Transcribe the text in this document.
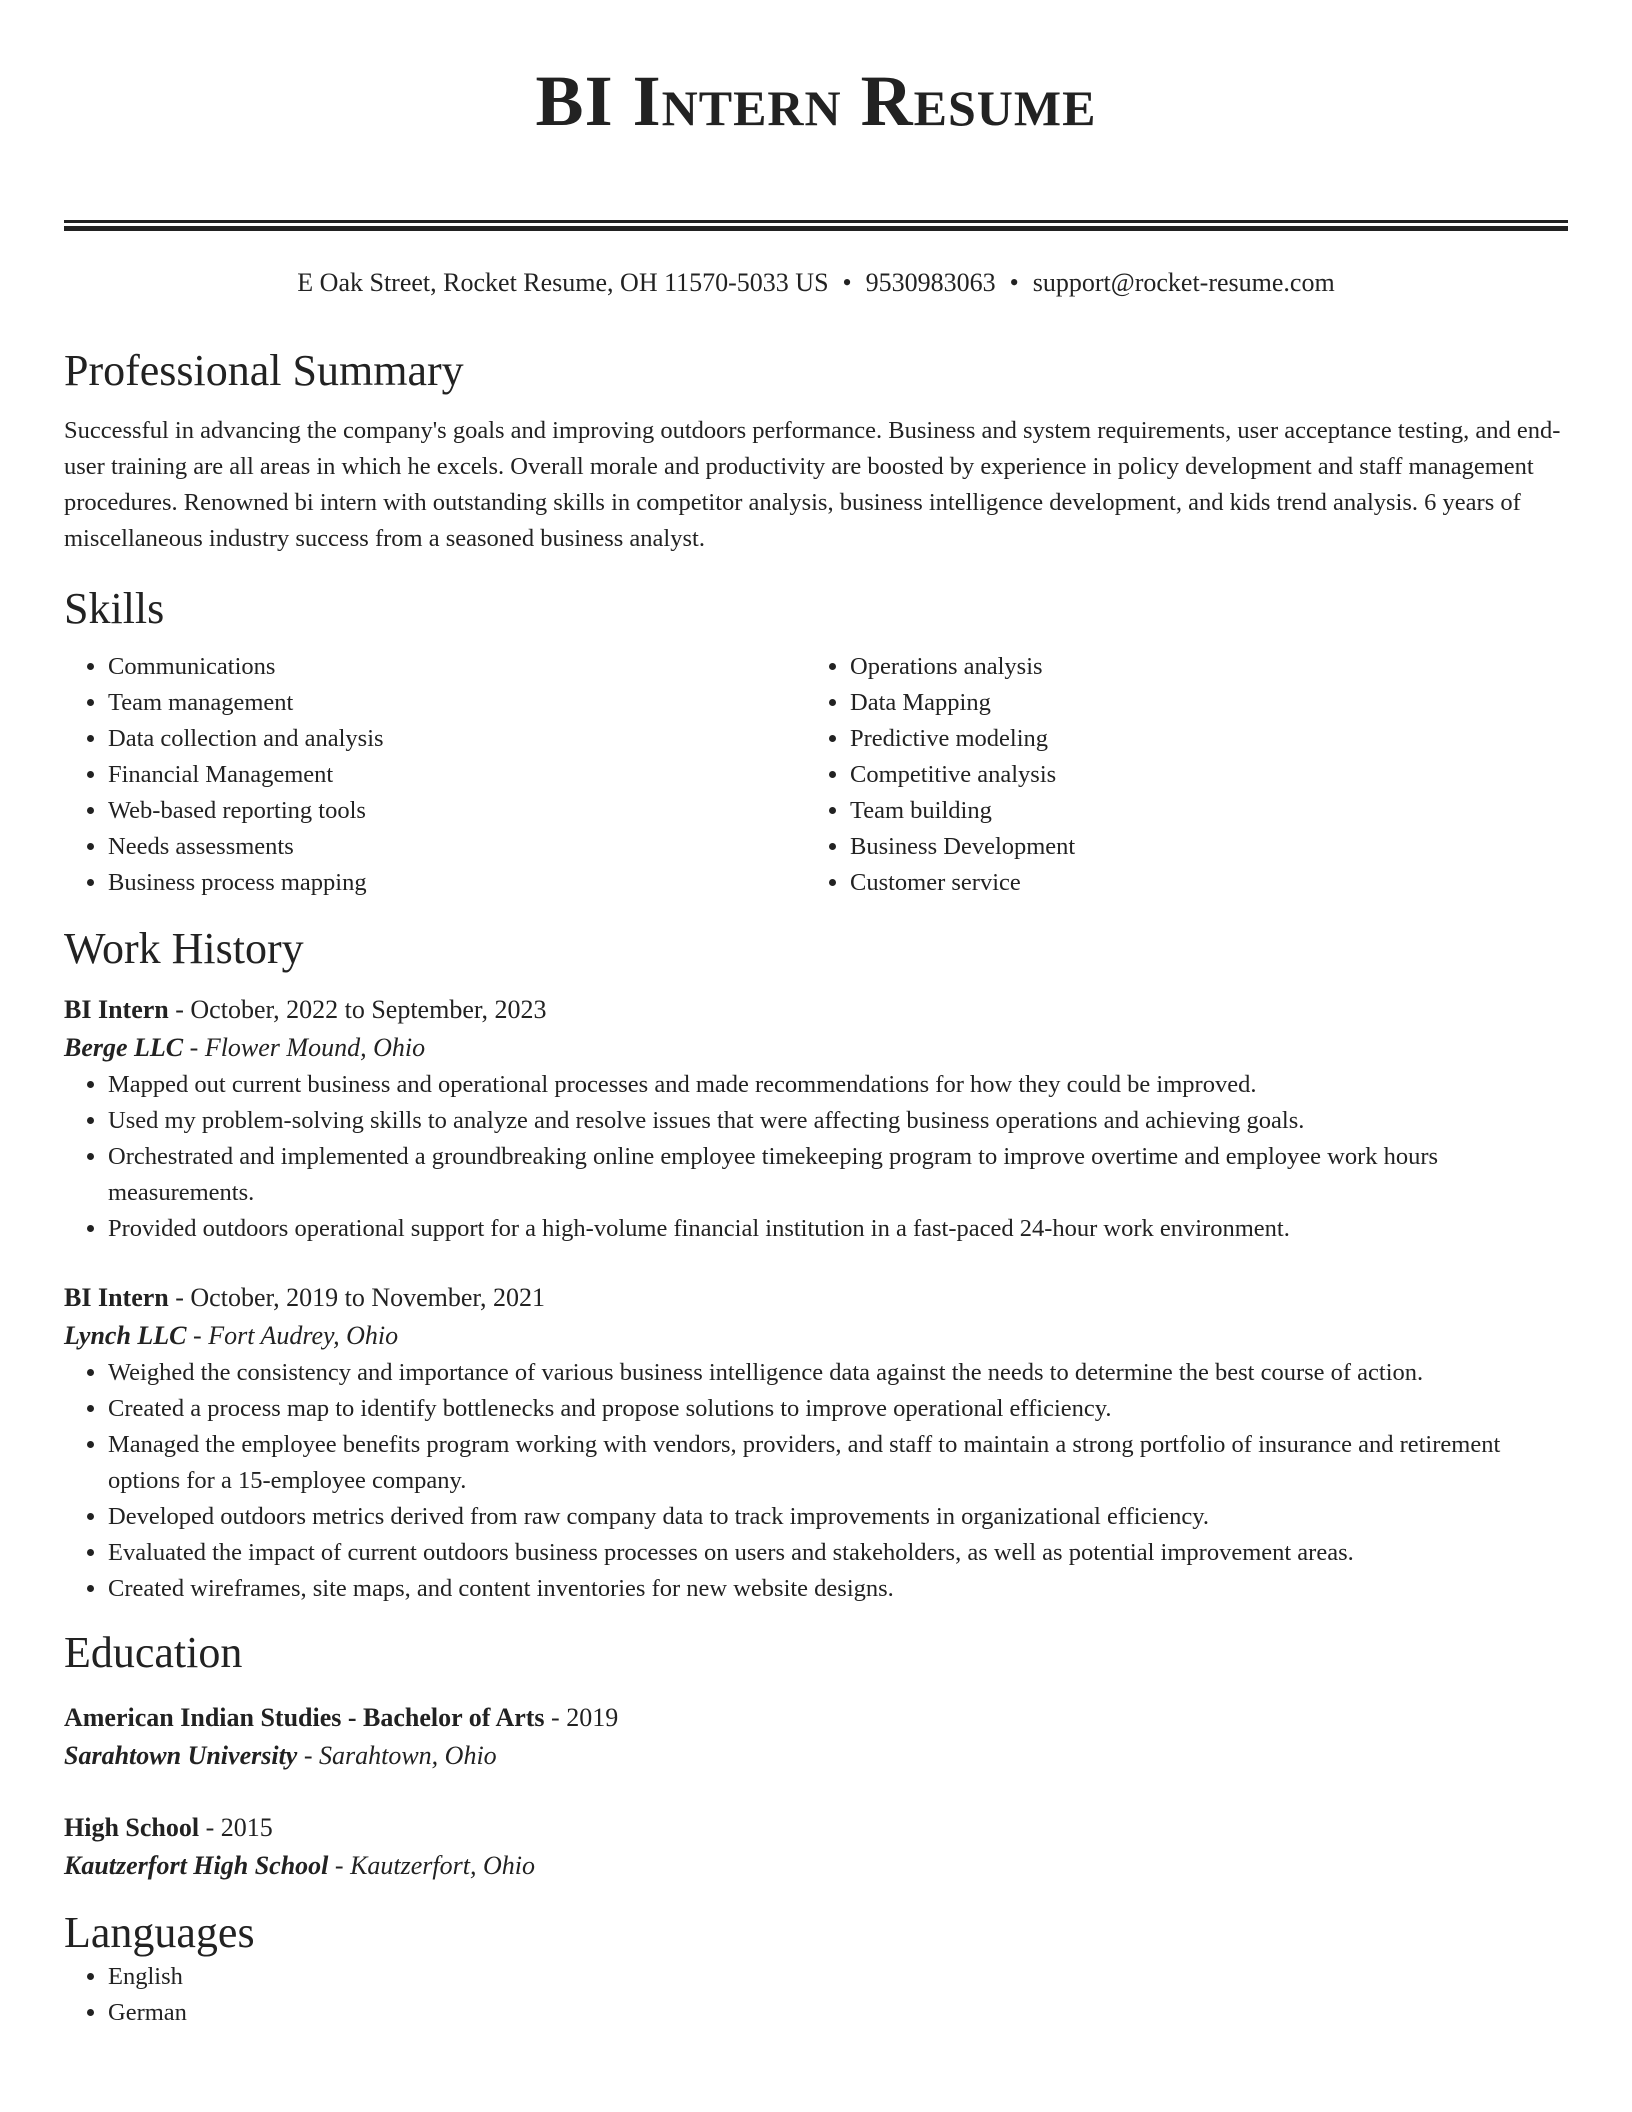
BI Intern Resume
E Oak Street, Rocket Resume, OH 11570-5033 US • 9530983063 • support@rocket-resume.com
Professional Summary
Successful in advancing the company's goals and improving outdoors performance. Business and system requirements, user acceptance testing, and end-user training are all areas in which he excels. Overall morale and productivity are boosted by experience in policy development and staff management procedures. Renowned bi intern with outstanding skills in competitor analysis, business intelligence development, and kids trend analysis. 6 years of miscellaneous industry success from a seasoned business analyst.
Skills
• Communications
• Team management
• Data collection and analysis
• Financial Management
• Web-based reporting tools
• Needs assessments
• Business process mapping
• Operations analysis
• Data Mapping
• Predictive modeling
• Competitive analysis
• Team building
• Business Development
• Customer service
Work History
BI Intern - October, 2022 to September, 2023
Berge LLC - Flower Mound, Ohio
• Mapped out current business and operational processes and made recommendations for how they could be improved.
• Used my problem-solving skills to analyze and resolve issues that were affecting business operations and achieving goals.
• Orchestrated and implemented a groundbreaking online employee timekeeping program to improve overtime and employee work hours measurements.
• Provided outdoors operational support for a high-volume financial institution in a fast-paced 24-hour work environment.
BI Intern - October, 2019 to November, 2021
Lynch LLC - Fort Audrey, Ohio
• Weighed the consistency and importance of various business intelligence data against the needs to determine the best course of action.
• Created a process map to identify bottlenecks and propose solutions to improve operational efficiency.
• Managed the employee benefits program working with vendors, providers, and staff to maintain a strong portfolio of insurance and retirement options for a 15-employee company.
• Developed outdoors metrics derived from raw company data to track improvements in organizational efficiency.
• Evaluated the impact of current outdoors business processes on users and stakeholders, as well as potential improvement areas.
• Created wireframes, site maps, and content inventories for new website designs.
Education
American Indian Studies - Bachelor of Arts - 2019
Sarahtown University - Sarahtown, Ohio
High School - 2015
Kautzerfort High School - Kautzerfort, Ohio
Languages
• English
• German
